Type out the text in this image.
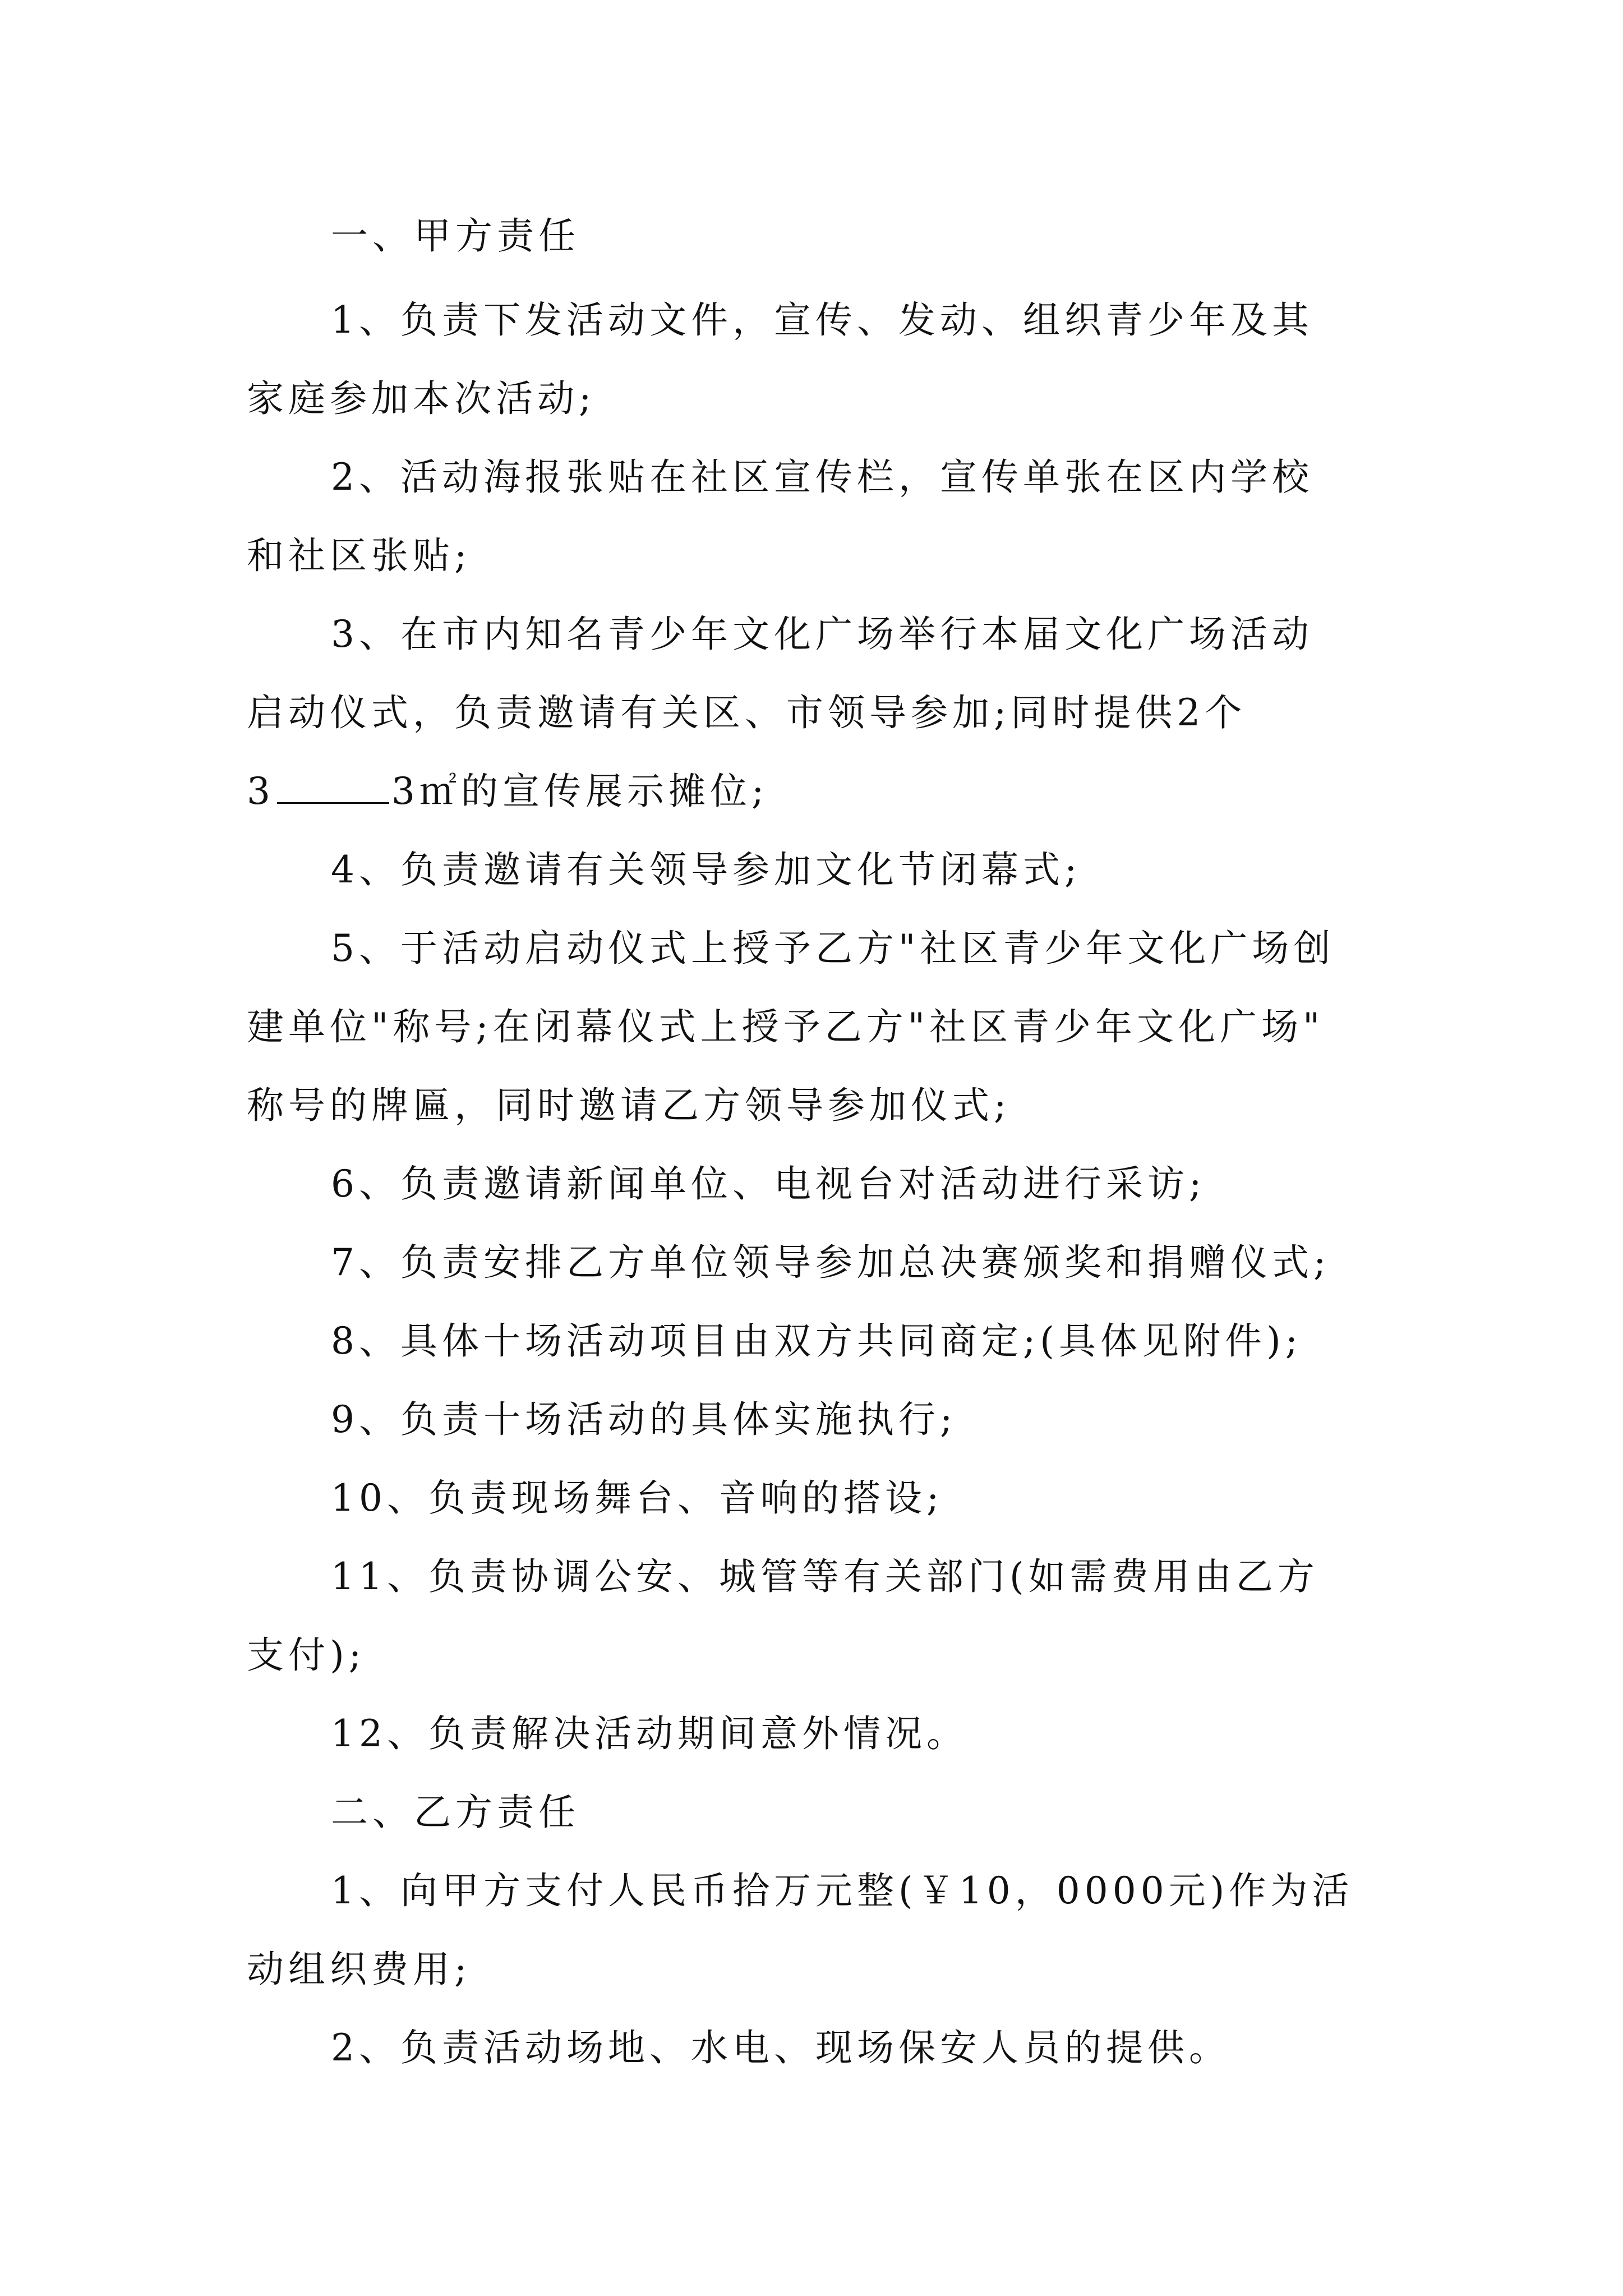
一、甲方责任
1、负责下发活动文件，宣传、发动、组织青少年及其
家庭参加本次活动;
2、活动海报张贴在社区宣传栏，宣传单张在区内学校
和社区张贴;
3、在市内知名青少年文化广场举行本届文化广场活动
启动仪式，负责邀请有关区、市领导参加;同时提供2个
3	3㎡的宣传展示摊位;
4、负责邀请有关领导参加文化节闭幕式;
5、于活动启动仪式上授予乙方"社区青少年文化广场创
建单位"称号;在闭幕仪式上授予乙方"社区青少年文化广场"
称号的牌匾，同时邀请乙方领导参加仪式;
6、负责邀请新闻单位、电视台对活动进行采访;
7、负责安排乙方单位领导参加总决赛颁奖和捐赠仪式;
8、具体十场活动项目由双方共同商定;(具体见附件);
9、负责十场活动的具体实施执行;
10、负责现场舞台、音响的搭设;
11、负责协调公安、城管等有关部门(如需费用由乙方
支付);
12、负责解决活动期间意外情况。
二、乙方责任
1、向甲方支付人民币拾万元整(￥10，0000元)作为活
动组织费用;
2、负责活动场地、水电、现场保安人员的提供。
